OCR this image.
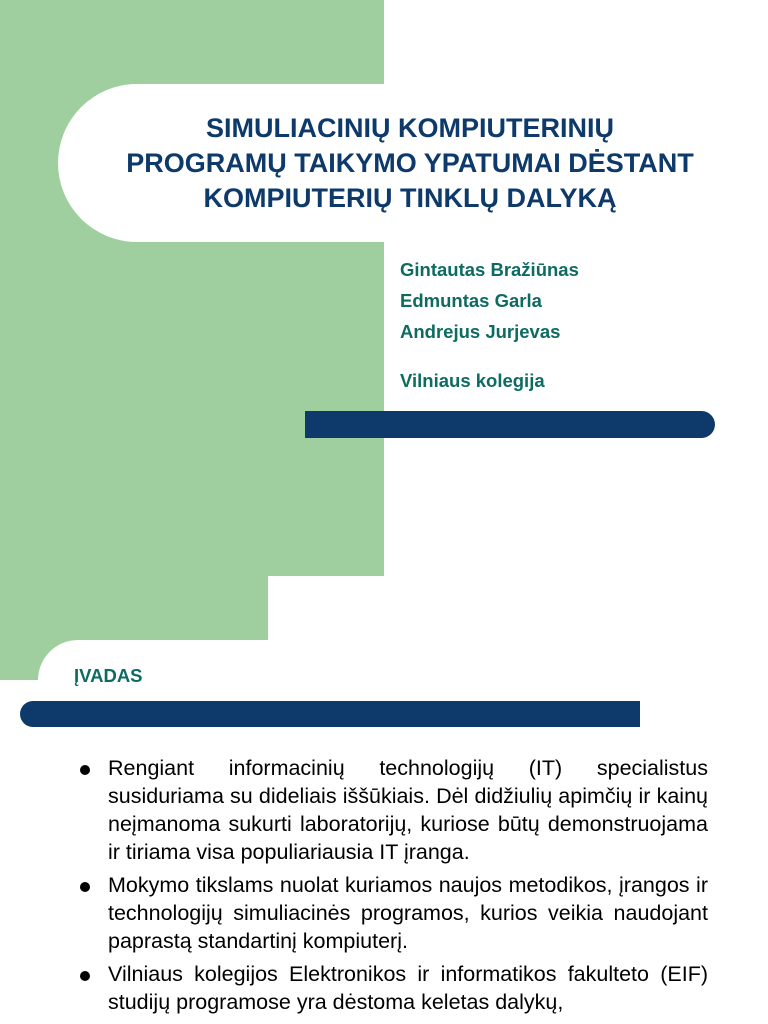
SIMULIACINIŲ KOMPIUTERINIŲ
PROGRAMŲ TAIKYMO YPATUMAI DĖSTANT
KOMPIUTERIŲ TINKLŲ DALYKĄ
Gintautas Bražiūnas
Edmuntas Garla
Andrejus Jurjevas
Vilniaus kolegija
ĮVADAS
Rengiant informacinių technologijų (IT) specialistus susiduriama su dideliais iššūkiais. Dėl didžiulių apimčių ir kainų neįmanoma sukurti laboratorijų, kuriose būtų demonstruojama ir tiriama visa populiariausia IT įranga.
Mokymo tikslams nuolat kuriamos naujos metodikos, įrangos ir technologijų simuliacinės programos, kurios veikia naudojant paprastą standartinį kompiuterį.
Vilniaus kolegijos Elektronikos ir informatikos fakulteto (EIF) studijų programose yra dėstoma keletas dalykų,
